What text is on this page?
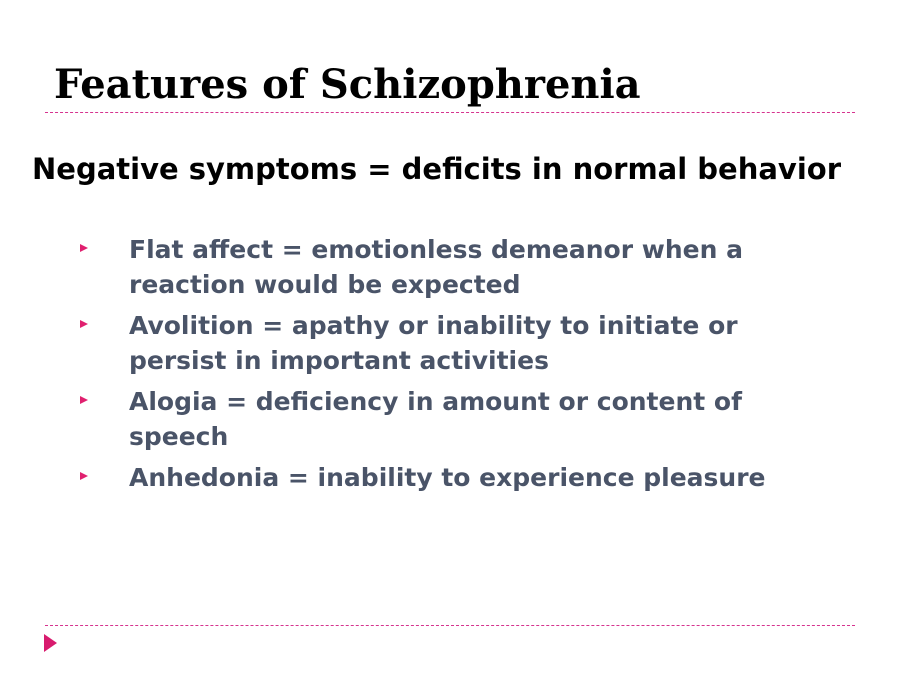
Features of Schizophrenia

Negative symptoms = deficits in normal behavior

Flat affect = emotionless demeanor when a reaction would be expected
Avolition = apathy or inability to initiate or persist in important activities
Alogia = deficiency in amount or content of speech
Anhedonia = inability to experience pleasure
